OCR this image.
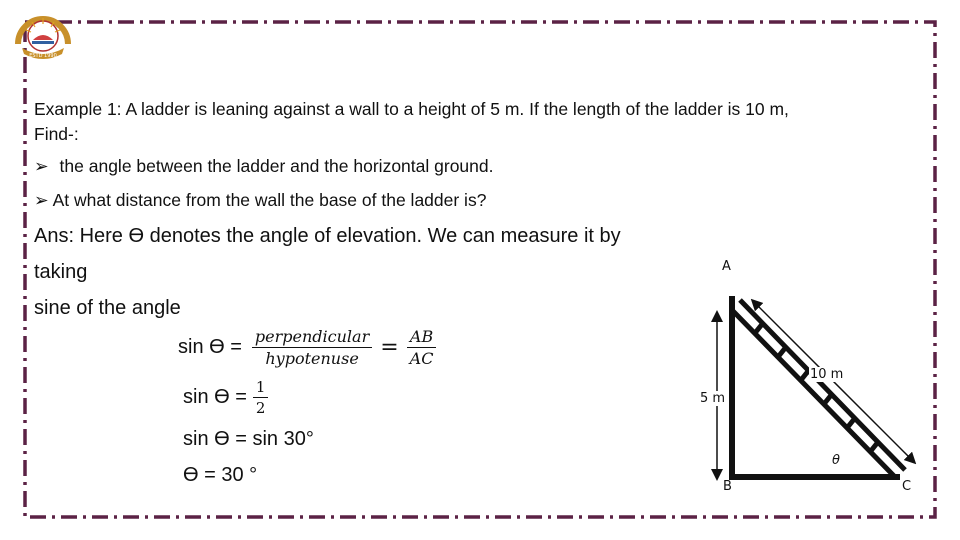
ESTD 1990
Example 1: A ladder is leaning against a wall to a height of 5 m. If the length of the ladder is 10 m,
Find-:
➢ the angle between the ladder and the horizontal ground.
➢ At what distance from the wall the base of the ladder is?
Ans: Here Ө denotes the angle of elevation. We can measure it by
taking
sine of the angle
$\sin Ө = \frac{\text{perpendicular}}{\text{hypotenuse}} = \frac{AB}{AC}$
$\sin Ө = \frac{1}{2}$
sin Ө = sin 30°
Ө = 30 °
A
B	C
10 m
5 m
θ
